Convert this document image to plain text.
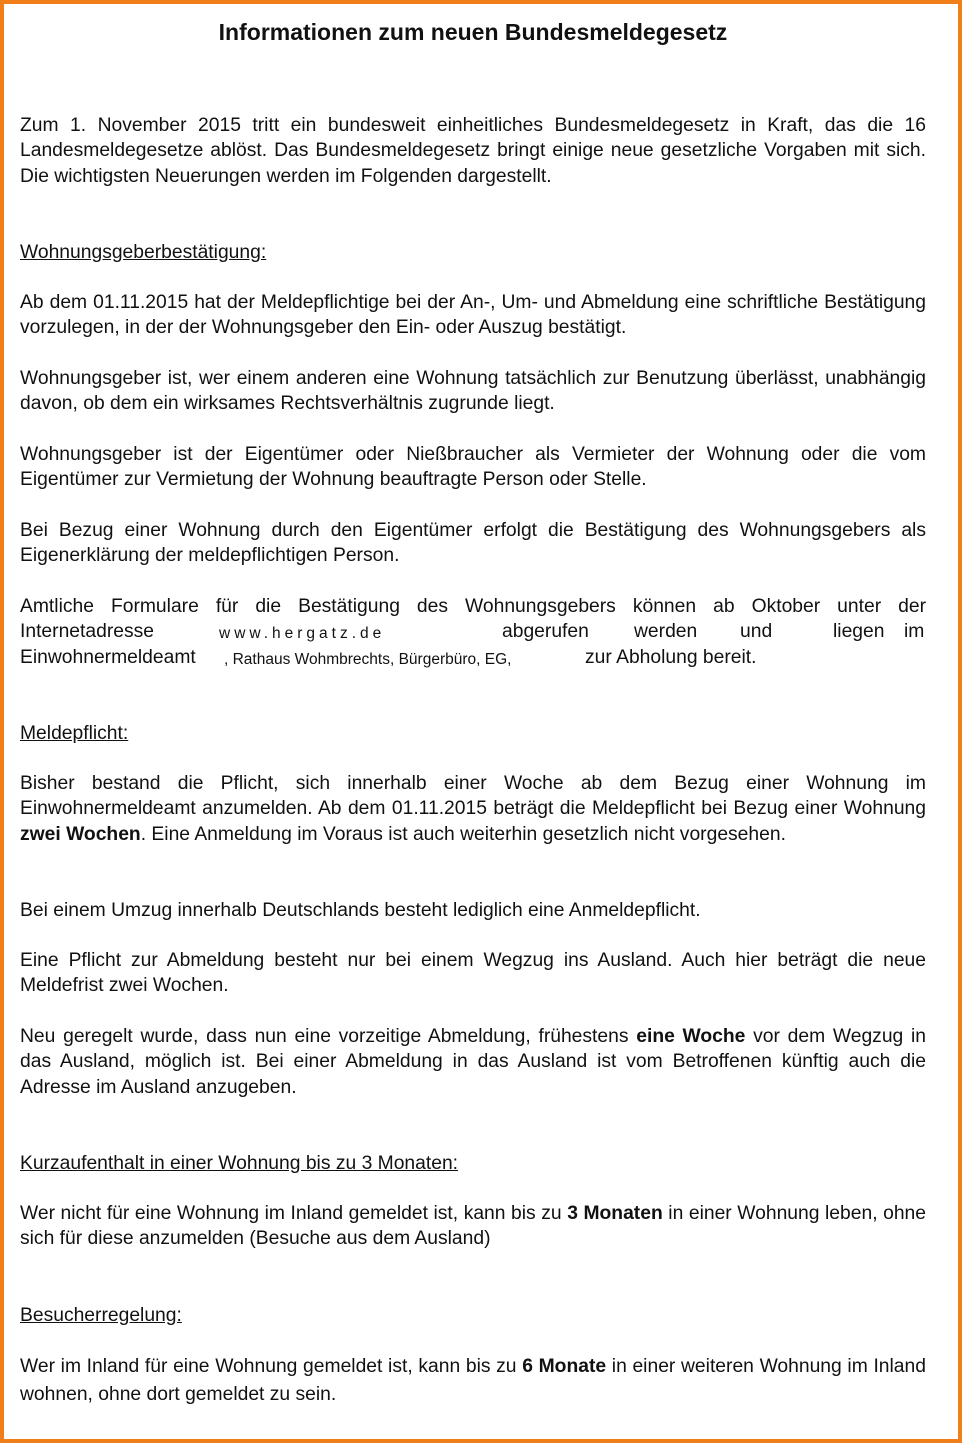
Informationen zum neuen Bundesmeldegesetz
Zum 1. November 2015 tritt ein bundesweit einheitliches Bundesmeldegesetz in Kraft, das die 16 Landesmeldegesetze ablöst. Das Bundesmeldegesetz bringt einige neue gesetzliche Vorgaben mit sich. Die wichtigsten Neuerungen werden im Folgenden dargestellt.
Wohnungsgeberbestätigung:
Ab dem 01.11.2015 hat der Meldepflichtige bei der An-, Um- und Abmeldung eine schriftliche Bestätigung vorzulegen, in der der Wohnungsgeber den Ein- oder Auszug bestätigt.
Wohnungsgeber ist, wer einem anderen eine Wohnung tatsächlich zur Benutzung überlässt, unabhängig davon, ob dem ein wirksames Rechtsverhältnis zugrunde liegt.
Wohnungsgeber ist der Eigentümer oder Nießbraucher als Vermieter der Wohnung oder die vom Eigentümer zur Vermietung der Wohnung beauftragte Person oder Stelle.
Bei Bezug einer Wohnung durch den Eigentümer erfolgt die Bestätigung des Wohnungsgebers als Eigenerklärung der meldepflichtigen Person.
Amtliche Formulare für die Bestätigung des Wohnungsgebers können ab Oktober unter der
Internetadresse	www.hergatz.de	abgerufen werden und	liegen im
Einwohnermeldeamt , Rathaus Wohmbrechts, Bürgerbüro, EG,	zur Abholung bereit.
Meldepflicht:
Bisher bestand die Pflicht, sich innerhalb einer Woche ab dem Bezug einer Wohnung im Einwohnermeldeamt anzumelden. Ab dem 01.11.2015 beträgt die Meldepflicht bei Bezug einer Wohnung zwei Wochen. Eine Anmeldung im Voraus ist auch weiterhin gesetzlich nicht vorgesehen.
Bei einem Umzug innerhalb Deutschlands besteht lediglich eine Anmeldepflicht.
Eine Pflicht zur Abmeldung besteht nur bei einem Wegzug ins Ausland. Auch hier beträgt die neue Meldefrist zwei Wochen.
Neu geregelt wurde, dass nun eine vorzeitige Abmeldung, frühestens eine Woche vor dem Wegzug in das Ausland, möglich ist. Bei einer Abmeldung in das Ausland ist vom Betroffenen künftig auch die Adresse im Ausland anzugeben.
Kurzaufenthalt in einer Wohnung bis zu 3 Monaten:
Wer nicht für eine Wohnung im Inland gemeldet ist, kann bis zu 3 Monaten in einer Wohnung leben, ohne sich für diese anzumelden (Besuche aus dem Ausland)
Besucherregelung:
Wer im Inland für eine Wohnung gemeldet ist, kann bis zu 6 Monate in einer weiteren Wohnung im Inland wohnen, ohne dort gemeldet zu sein.
